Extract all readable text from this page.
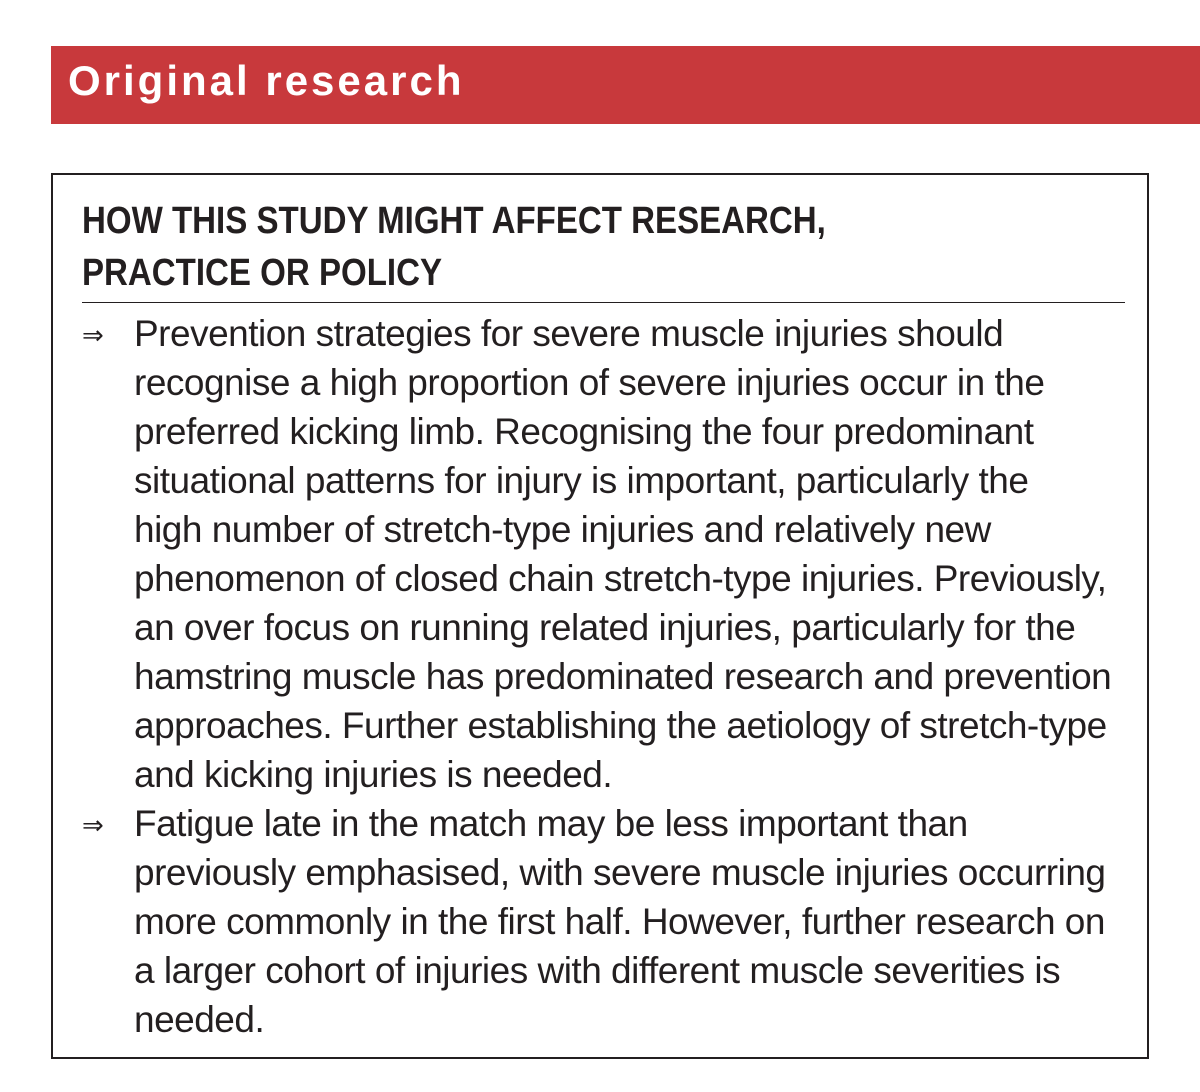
Original research
HOW THIS STUDY MIGHT AFFECT RESEARCH, PRACTICE OR POLICY
⇒ Prevention strategies for severe muscle injuries should
recognise a high proportion of severe injuries occur in the
preferred kicking limb. Recognising the four predominant
situational patterns for injury is important, particularly the
high number of stretch-type injuries and relatively new
phenomenon of closed chain stretch-type injuries. Previously,
an over focus on running related injuries, particularly for the
hamstring muscle has predominated research and prevention
approaches. Further establishing the aetiology of stretch-type
and kicking injuries is needed.
⇒ Fatigue late in the match may be less important than
previously emphasised, with severe muscle injuries occurring
more commonly in the first half. However, further research on
a larger cohort of injuries with different muscle severities is
needed.
